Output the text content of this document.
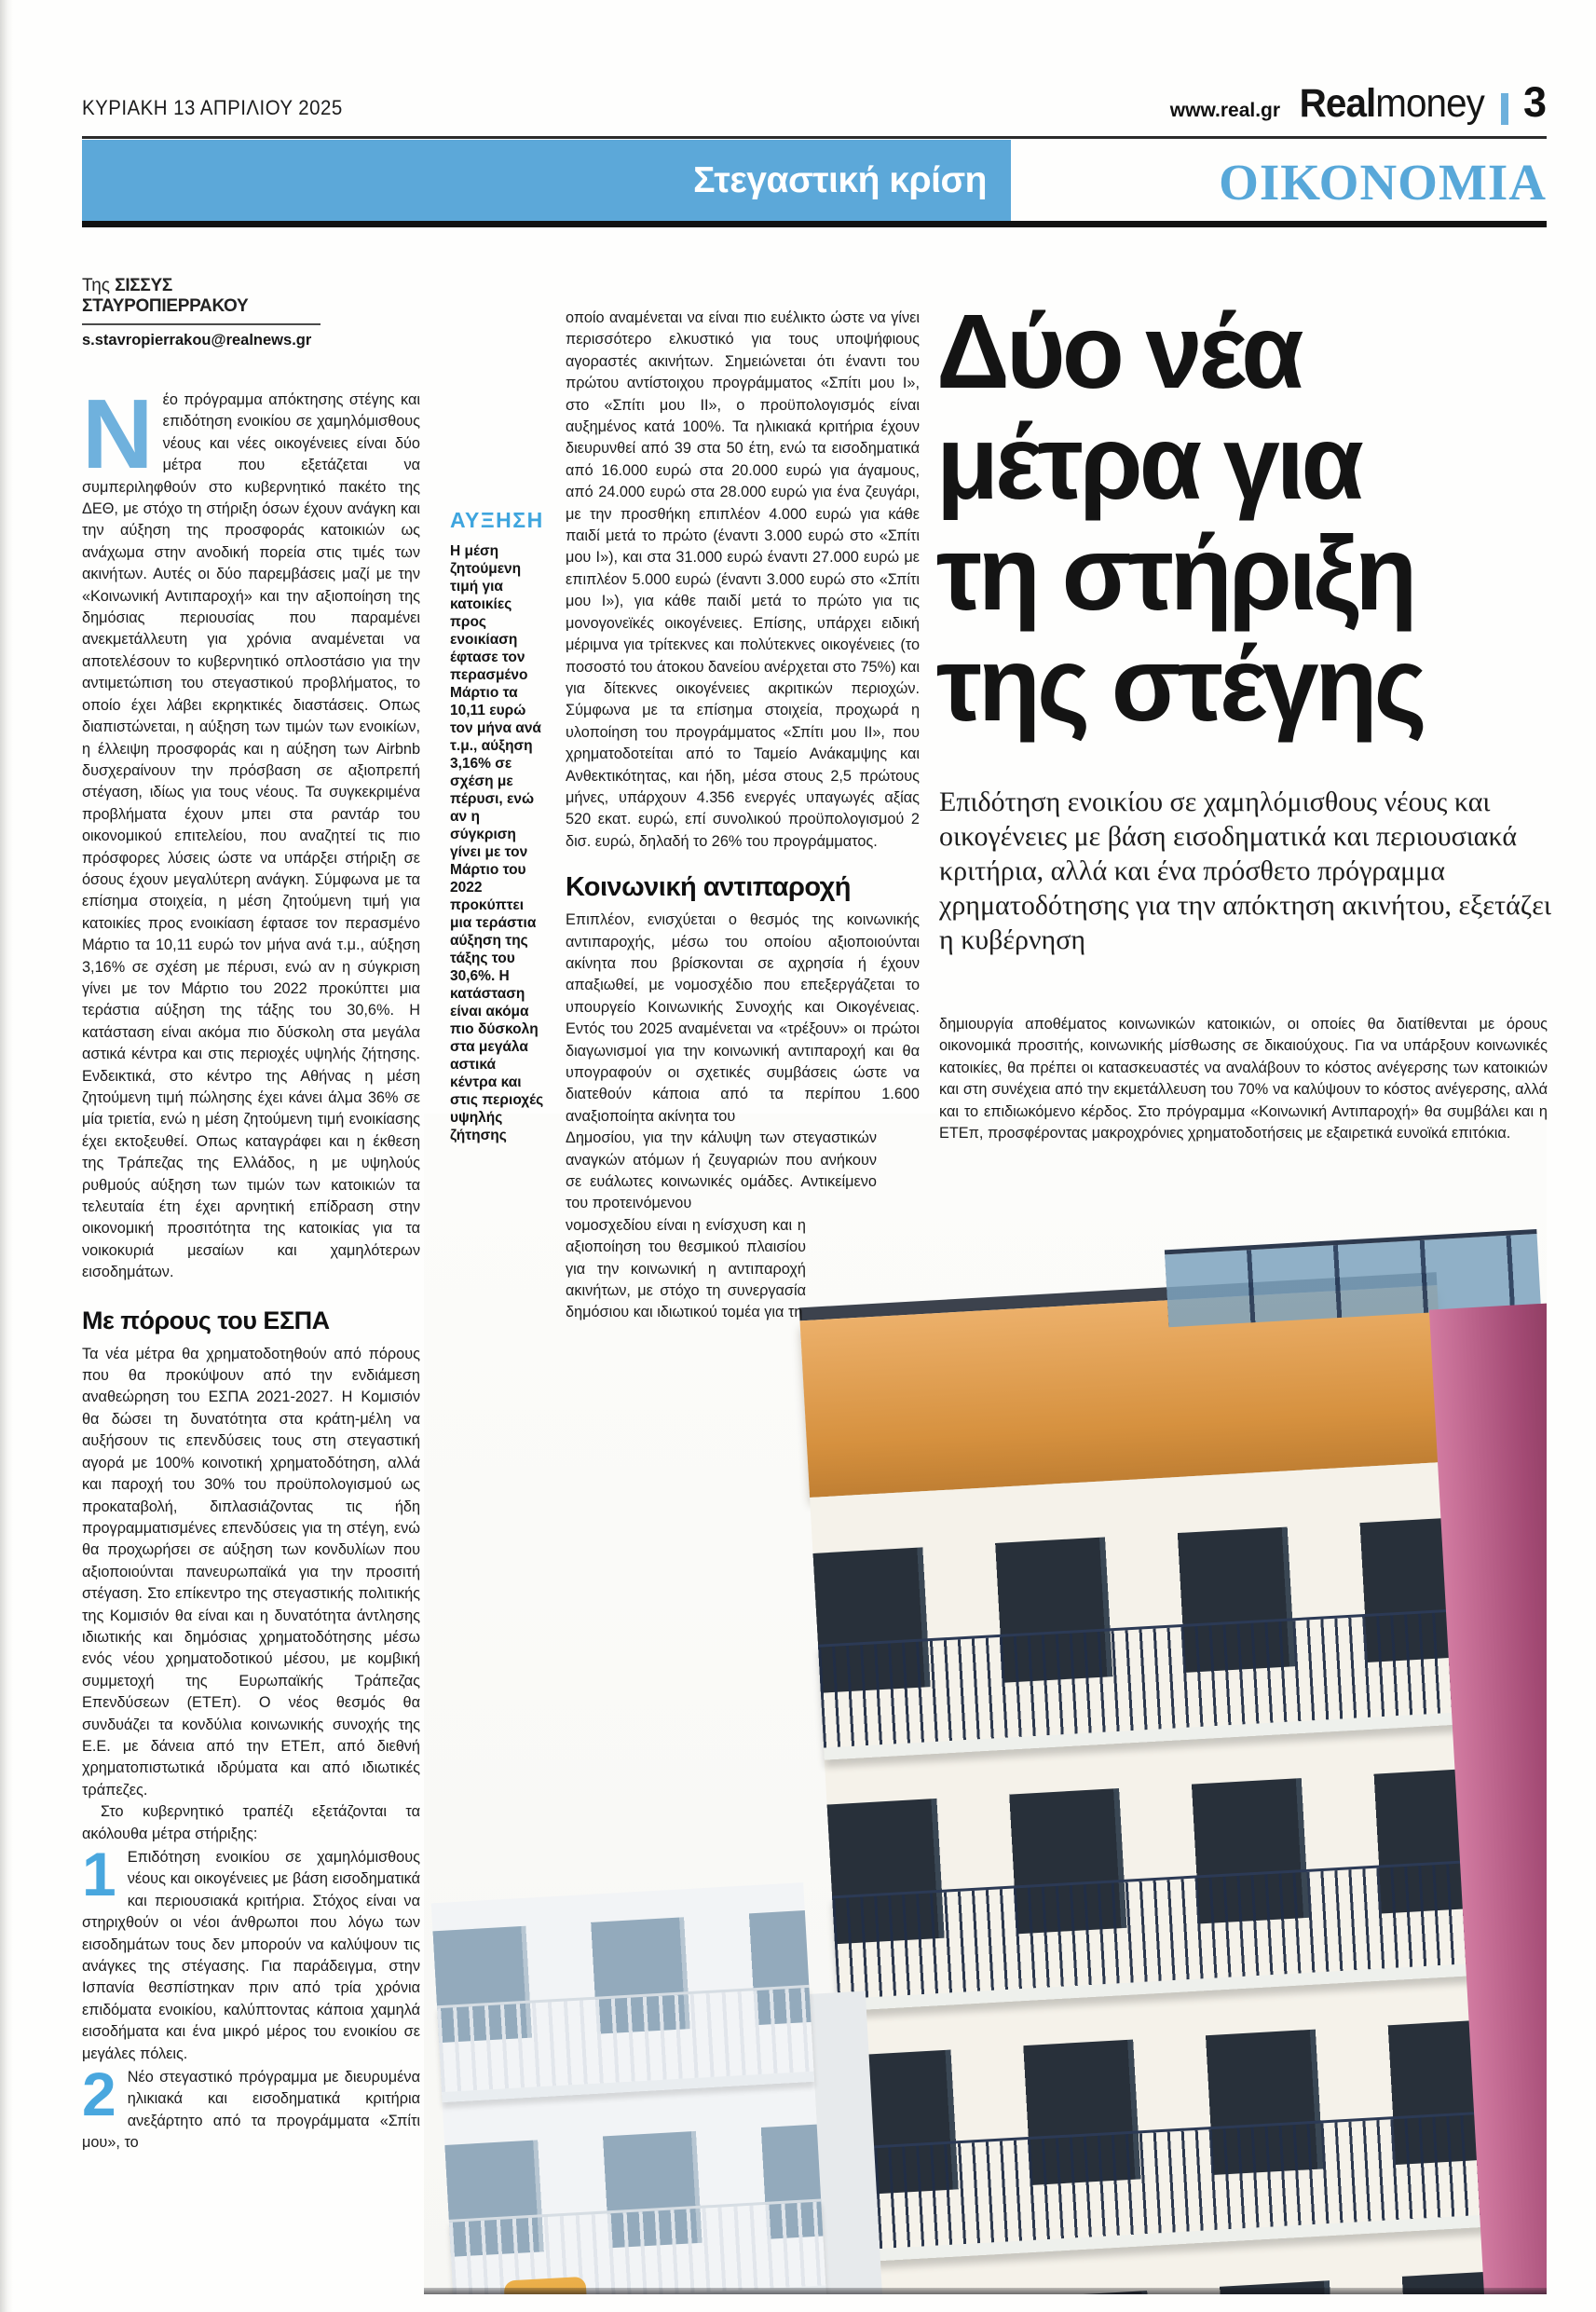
ΚΥΡΙΑΚΗ 13 ΑΠΡΙΛΙΟΥ 2025	www.real.gr Realmoney 3
Στεγαστική κρίση	ΟΙΚΟΝΟΜΙΑ
Της ΣΙΣΣΥΣ ΣΤΑΥΡΟΠΙΕΡΡΑΚΟΥ
s.stavropierrakou@realnews.gr	Δύο νέα
μέτρα για
τη στήριξη
της στέγης
Επιδότηση ενοικίου σε χαμηλόμισθους νέους και οικογένειες με βάση εισοδηματικά και περιουσιακά κριτήρια, αλλά και ένα πρόσθετο πρόγραμμα χρηματοδότησης για την απόκτηση ακινήτου, εξετάζει η κυβέρνηση
δημιουργία αποθέματος κοινωνικών κατοικιών, οι οποίες θα διατίθενται με όρους οικονομικά προσιτής, κοινωνικής μίσθωσης σε δικαιούχους. Για να υπάρξουν κοινωνικές κατοικίες, θα πρέπει οι κατασκευαστές να αναλάβουν το κόστος ανέγερσης των κατοικιών και στη συνέχεια από την εκμετάλλευση του 70% να καλύψουν το κόστος ανέγερσης, αλλά και το επιδιωκόμενο κέρδος. Στο πρόγραμμα «Κοινωνική Αντιπαροχή» θα συμβάλει και η ΕΤΕπ, προσφέροντας μακροχρόνιες χρηματοδοτήσεις με εξαιρετικά ευνοϊκά επιτόκια.

Νέο πρόγραμμα απόκτησης στέγης και επιδότηση ενοικίου σε χαμηλόμισθους νέους και νέες οικογένειες είναι δύο μέτρα που εξετάζεται να συμπεριληφθούν στο κυβερνητικό πακέτο της ΔΕΘ, με στόχο τη στήριξη όσων έχουν ανάγκη και την αύξηση της προσφοράς κατοικιών ως ανάχωμα στην ανοδική πορεία στις τιμές των ακινήτων. Αυτές οι δύο παρεμβάσεις μαζί με την «Κοινωνική Αντιπαροχή» και την αξιοποίηση της δημόσιας περιουσίας που παραμένει ανεκμετάλλευτη για χρόνια αναμένεται να αποτελέσουν το κυβερνητικό οπλοστάσιο για την αντιμετώπιση του στεγαστικού προβλήματος, το οποίο έχει λάβει εκρηκτικές διαστάσεις. Οπως διαπιστώνεται, η αύξηση των τιμών των ενοικίων, η έλλειψη προσφοράς και η αύξηση των Airbnb δυσχεραίνουν την πρόσβαση σε αξιοπρεπή στέγαση, ιδίως για τους νέους. Τα συγκεκριμένα προβλήματα έχουν μπει στα ραντάρ του οικονομικού επιτελείου, που αναζητεί τις πιο πρόσφορες λύσεις ώστε να υπάρξει στήριξη σε όσους έχουν μεγαλύτερη ανάγκη. Σύμφωνα με τα επίσημα στοιχεία, η μέση ζητούμενη τιμή για κατοικίες προς ενοικίαση έφτασε τον περασμένο Μάρτιο τα 10,11 ευρώ τον μήνα ανά τ.μ., αύξηση 3,16% σε σχέση με πέρυσι, ενώ αν η σύγκριση γίνει με τον Μάρτιο του 2022 προκύπτει μια τεράστια αύξηση της τάξης του 30,6%. Η κατάσταση είναι ακόμα πιο δύσκολη στα μεγάλα αστικά κέντρα και στις περιοχές υψηλής ζήτησης. Ενδεικτικά, στο κέντρο της Αθήνας η μέση ζητούμενη τιμή πώλησης έχει κάνει άλμα 36% σε μία τριετία, ενώ η μέση ζητούμενη τιμή ενοικίασης έχει εκτοξευθεί. Οπως καταγράφει και η έκθεση της Τράπεζας της Ελλάδος, η με υψηλούς ρυθμούς αύξηση των τιμών των κατοικιών τα τελευταία έτη έχει αρνητική επίδραση στην οικονομική προσιτότητα της κατοικίας για τα νοικοκυριά μεσαίων και χαμηλότερων εισοδημάτων.

Με πόρους του ΕΣΠΑ

Τα νέα μέτρα θα χρηματοδοτηθούν από πόρους που θα προκύψουν από την ενδιάμεση αναθεώρηση του ΕΣΠΑ 2021-2027. Η Κομισιόν θα δώσει τη δυνατότητα στα κράτη-μέλη να αυξήσουν τις επενδύσεις τους στη στεγαστική αγορά με 100% κοινοτική χρηματοδότηση, αλλά και παροχή του 30% του προϋπολογισμού ως προκαταβολή, διπλασιάζοντας τις ήδη προγραμματισμένες επενδύσεις για τη στέγη, ενώ θα προχωρήσει σε αύξηση των κονδυλίων που αξιοποιούνται πανευρωπαϊκά για την προσιτή στέγαση. Στο επίκεντρο της στεγαστικής πολιτικής της Κομισιόν θα είναι και η δυνατότητα άντλησης ιδιωτικής και δημόσιας χρηματοδότησης μέσω ενός νέου χρηματοδοτικού μέσου, με κομβική συμμετοχή της Ευρωπαϊκής Τράπεζας Επενδύσεων (ΕΤΕπ). Ο νέος θεσμός θα συνδυάζει τα κονδύλια κοινωνικής συνοχής της Ε.Ε. με δάνεια από την ΕΤΕπ, από διεθνή χρηματοπιστωτικά ιδρύματα και από ιδιωτικές τράπεζες.

Στο κυβερνητικό τραπέζι εξετάζονται τα ακόλουθα μέτρα στήριξης:

1 Επιδότηση ενοικίου σε χαμηλόμισθους νέους και οικογένειες με βάση εισοδηματικά και περιουσιακά κριτήρια. Στόχος είναι να στηριχθούν οι νέοι άνθρωποι που λόγω των εισοδημάτων τους δεν μπορούν να καλύψουν τις ανάγκες της στέγασης. Για παράδειγμα, στην Ισπανία θεσπίστηκαν πριν από τρία χρόνια επιδόματα ενοικίου, καλύπτοντας κάποια χαμηλά εισοδήματα και ένα μικρό μέρος του ενοικίου σε μεγάλες πόλεις.
2 Νέο στεγαστικό πρόγραμμα με διευρυμένα ηλικιακά και εισοδηματικά κριτήρια ανεξάρτητο από τα προγράμματα «Σπίτι μου», το
ΑΥΞΗΣΗ
Η μέση ζητούμενη τιμή για κατοικίες προς ενοικίαση έφτασε τον περασμένο Μάρτιο τα 10,11 ευρώ τον μήνα ανά τ.μ., αύξηση 3,16% σε σχέση με πέρυσι, ενώ αν η σύγκριση γίνει με τον Μάρτιο του 2022 προκύπτει μια τεράστια αύξηση της τάξης του 30,6%. Η κατάσταση είναι ακόμα πιο δύσκολη στα μεγάλα αστικά κέντρα και στις περιοχές υψηλής ζήτησης

οποίο αναμένεται να είναι πιο ευέλικτο ώστε να γίνει περισσότερο ελκυστικό για τους υποψήφιους αγοραστές ακινήτων. Σημειώνεται ότι έναντι του πρώτου αντίστοιχου προγράμματος «Σπίτι μου Ι», στο «Σπίτι μου ΙΙ», ο προϋπολογισμός είναι αυξημένος κατά 100%. Τα ηλικιακά κριτήρια έχουν διευρυνθεί από 39 στα 50 έτη, ενώ τα εισοδηματικά από 16.000 ευρώ στα 20.000 ευρώ για άγαμους, από 24.000 ευρώ στα 28.000 ευρώ για ένα ζευγάρι, με την προσθήκη επιπλέον 4.000 ευρώ για κάθε παιδί μετά το πρώτο (έναντι 3.000 ευρώ στο «Σπίτι μου Ι»), και στα 31.000 ευρώ έναντι 27.000 ευρώ με επιπλέον 5.000 ευρώ (έναντι 3.000 ευρώ στο «Σπίτι μου Ι»), για κάθε παιδί μετά το πρώτο για τις μονογονεϊκές οικογένειες. Επίσης, υπάρχει ειδική μέριμνα για τρίτεκνες και πολύτεκνες οικογένειες (το ποσοστό του άτοκου δανείου ανέρχεται στο 75%) και για δίτεκνες οικογένειες ακριτικών περιοχών. Σύμφωνα με τα επίσημα στοιχεία, προχωρά η υλοποίηση του προγράμματος «Σπίτι μου ΙΙ», που χρηματοδοτείται από το Ταμείο Ανάκαμψης και Ανθεκτικότητας, και ήδη, μέσα στους 2,5 πρώτους μήνες, υπάρχουν 4.356 ενεργές υπαγωγές αξίας 520 εκατ. ευρώ, επί συνολικού προϋπολογισμού 2 δισ. ευρώ, δηλαδή το 26% του προγράμματος.

Κοινωνική αντιπαροχή

Επιπλέον, ενισχύεται ο θεσμός της κοινωνικής αντιπαροχής, μέσω του οποίου αξιοποιούνται ακίνητα που βρίσκονται σε αχρησία ή έχουν απαξιωθεί, με νομοσχέδιο που επεξεργάζεται το υπουργείο Κοινωνικής Συνοχής και Οικογένειας. Εντός του 2025 αναμένεται να «τρέξουν» οι πρώτοι διαγωνισμοί για την κοινωνική αντιπαροχή και θα υπογραφούν οι σχετικές συμβάσεις ώστε να διατεθούν κάποια από τα περίπου 1.600 αναξιοποίητα ακίνητα του

Δημοσίου, για την κάλυψη των στεγαστικών αναγκών ατόμων ή ζευγαριών που ανήκουν σε ευάλωτες κοινωνικές ομάδες. Αντικείμενο του προτεινόμενου

νομοσχεδίου είναι η ενίσχυση και η αξιοποίηση του θεσμικού πλαισίου για την κοινωνική η αντιπαροχή ακινήτων, με στόχο τη συνεργασία δημόσιου και ιδιωτικού τομέα για τη
